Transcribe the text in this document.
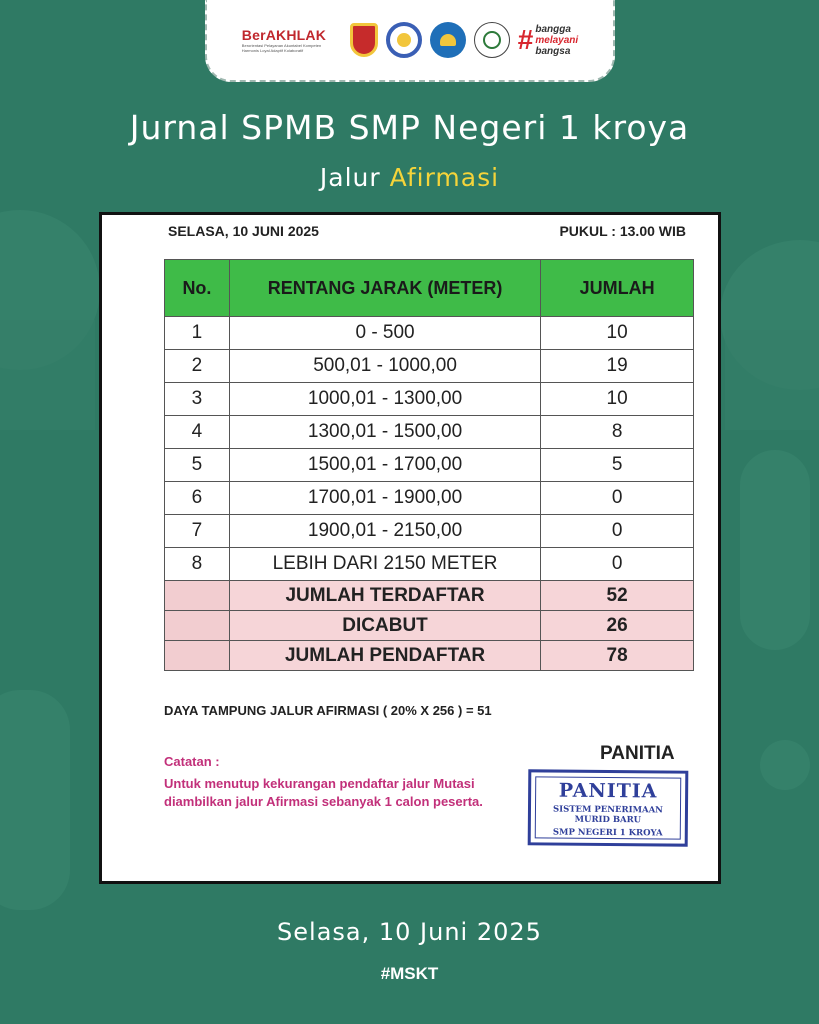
BerAKHLAK
Berorientasi Pelayanan Akuntabel Kompeten Harmonis Loyal Adaptif Kolaboratif	# bangga
melayani
bangsa
Jurnal SPMB SMP Negeri 1 kroya
Jalur Afirmasi
SELASA, 10 JUNI 2025	PUKUL : 13.00 WIB
No.	RENTANG JARAK (METER)	JUMLAH
1	0 - 500	10
2	500,01 - 1000,00	19
3	1000,01 - 1300,00	10
4	1300,01 - 1500,00	8
5	1500,01 - 1700,00	5
6	1700,01 - 1900,00	0
7	1900,01 - 2150,00	0
8	LEBIH DARI 2150 METER	0
	JUMLAH TERDAFTAR	52
	DICABUT	26
	JUMLAH PENDAFTAR	78
DAYA TAMPUNG JALUR AFIRMASI ( 20% X 256 ) = 51
Catatan :
Untuk menutup kekurangan pendaftar jalur Mutasi diambilkan jalur Afirmasi sebanyak 1 calon peserta.
PANITIA
PANITIA
SISTEM PENERIMAAN MURID BARU
SMP NEGERI 1 KROYA
Selasa, 10 Juni 2025
#MSKT
